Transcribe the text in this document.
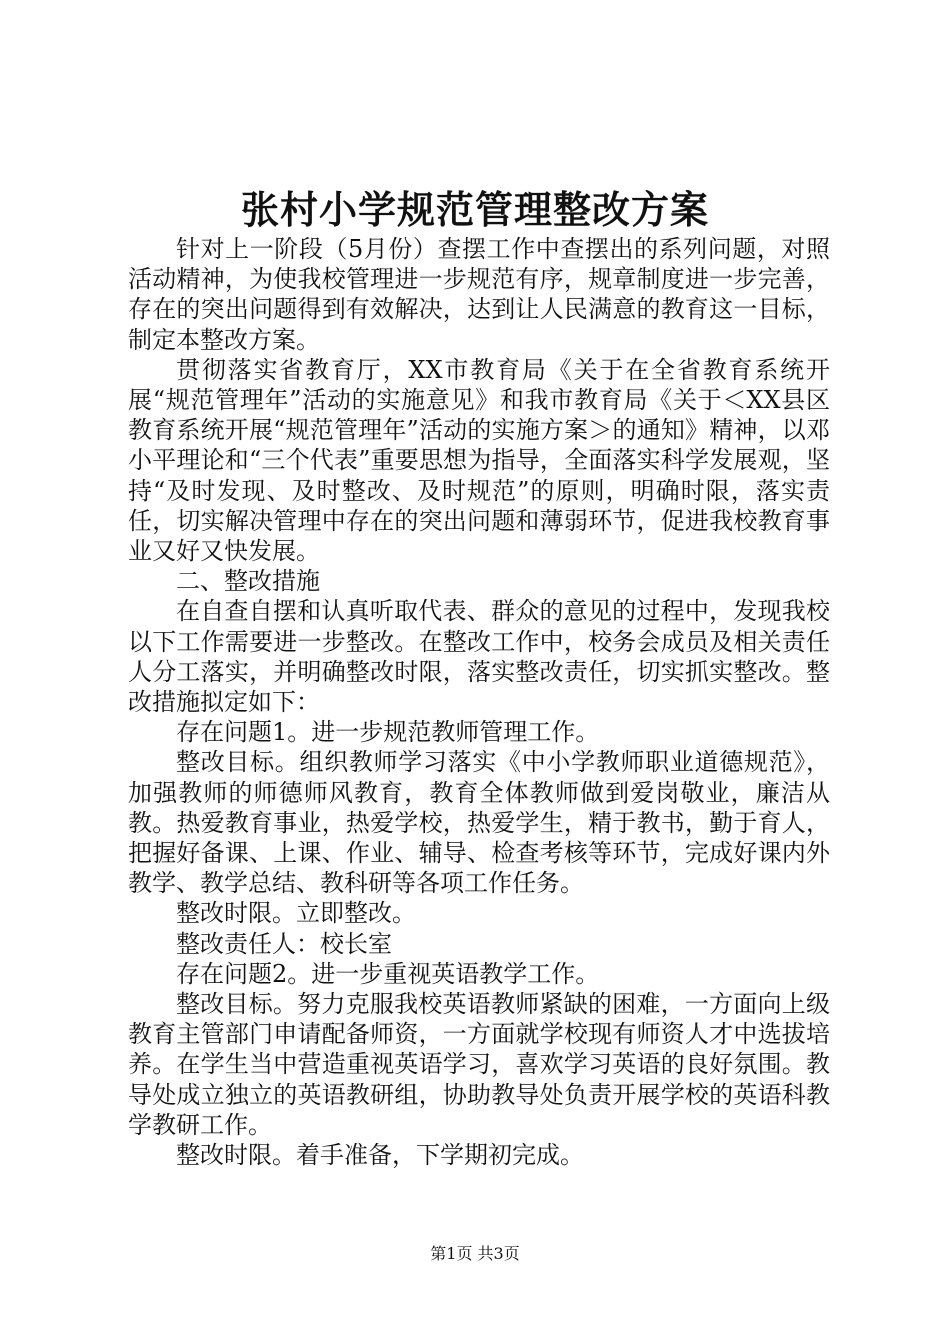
张村小学规范管理整改方案

针对上一阶段（5月份）查摆工作中查摆出的系列问题，对照活动精神，为使我校管理进一步规范有序，规章制度进一步完善，存在的突出问题得到有效解决，达到让人民满意的教育这一目标，制定本整改方案。

贯彻落实省教育厅，XX市教育局《关于在全省教育系统开展“规范管理年”活动的实施意见》和我市教育局《关于＜XX县区教育系统开展“规范管理年”活动的实施方案＞的通知》精神，以邓小平理论和“三个代表”重要思想为指导，全面落实科学发展观，坚持“及时发现、及时整改、及时规范”的原则，明确时限，落实责任，切实解决管理中存在的突出问题和薄弱环节，促进我校教育事业又好又快发展。

二、整改措施

在自查自摆和认真听取代表、群众的意见的过程中，发现我校以下工作需要进一步整改。在整改工作中，校务会成员及相关责任人分工落实，并明确整改时限，落实整改责任，切实抓实整改。整改措施拟定如下：

存在问题1。进一步规范教师管理工作。

整改目标。组织教师学习落实《中小学教师职业道德规范》，加强教师的师德师风教育，教育全体教师做到爱岗敬业，廉洁从教。热爱教育事业，热爱学校，热爱学生，精于教书，勤于育人，把握好备课、上课、作业、辅导、检查考核等环节，完成好课内外教学、教学总结、教科研等各项工作任务。

整改时限。立即整改。

整改责任人：校长室

存在问题2。进一步重视英语教学工作。

整改目标。努力克服我校英语教师紧缺的困难，一方面向上级教育主管部门申请配备师资，一方面就学校现有师资人才中选拔培养。在学生当中营造重视英语学习，喜欢学习英语的良好氛围。教导处成立独立的英语教研组，协助教导处负责开展学校的英语科教学教研工作。

整改时限。着手准备，下学期初完成。

第1页 共3页
